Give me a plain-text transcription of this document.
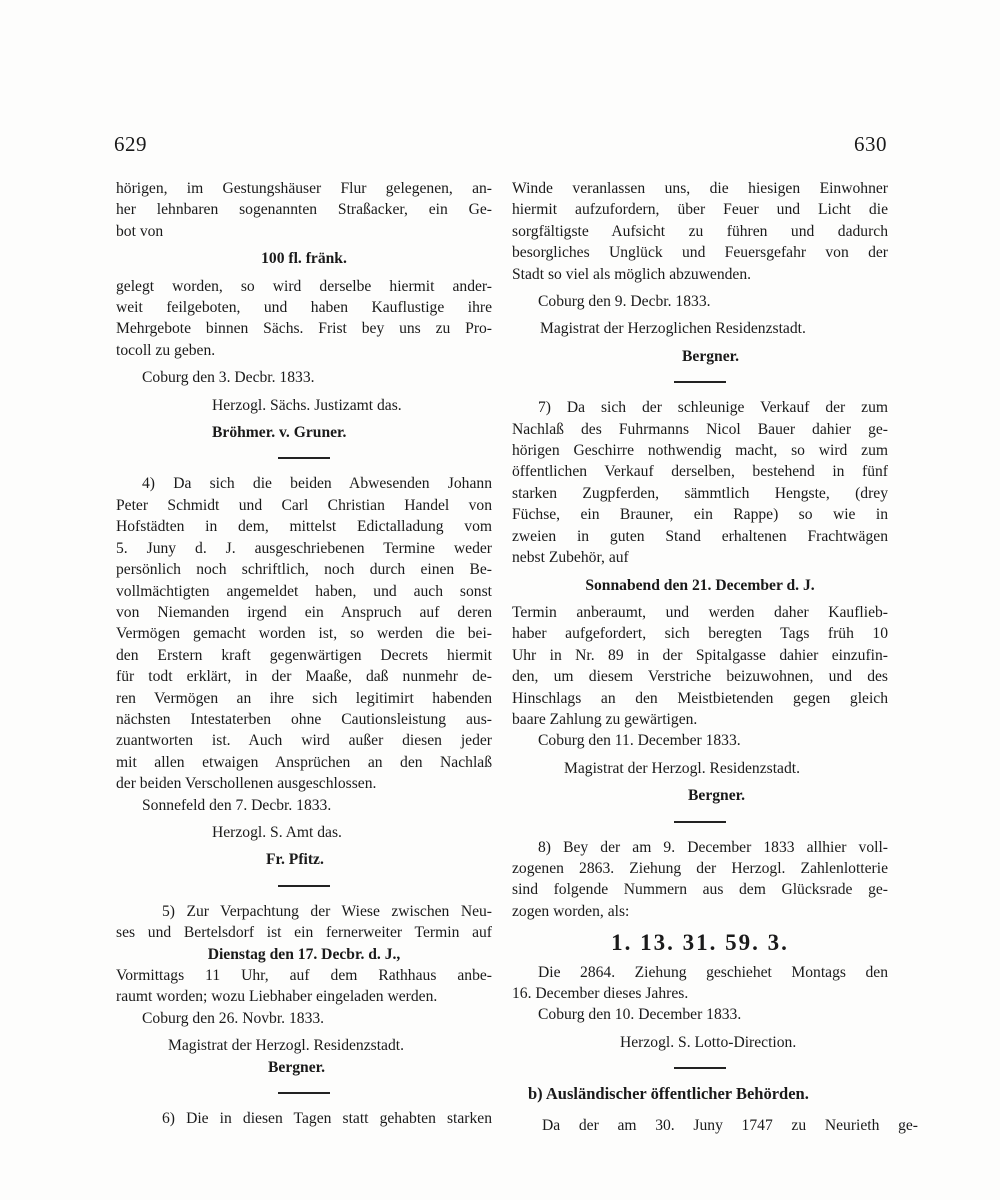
629	630
hörigen, im Gestungshäuser Flur gelegenen, an-
her lehnbaren sogenannten Straßacker, ein Ge-
bot von
100 fl. fränk.
gelegt worden, so wird derselbe hiermit ander-
weit feilgeboten, und haben Kauflustige ihre
Mehrgebote binnen Sächs. Frist bey uns zu Pro-
tocoll zu geben.
Coburg den 3. Decbr. 1833.
Herzogl. Sächs. Justizamt das.
Bröhmer. v. Gruner.
4) Da sich die beiden Abwesenden Johann
Peter Schmidt und Carl Christian Handel von
Hofstädten in dem, mittelst Edictalladung vom
5. Juny d. J. ausgeschriebenen Termine weder
persönlich noch schriftlich, noch durch einen Be-
vollmächtigten angemeldet haben, und auch sonst
von Niemanden irgend ein Anspruch auf deren
Vermögen gemacht worden ist, so werden die bei-
den Erstern kraft gegenwärtigen Decrets hiermit
für todt erklärt, in der Maaße, daß nunmehr de-
ren Vermögen an ihre sich legitimirt habenden
nächsten Intestaterben ohne Cautionsleistung aus-
zuantworten ist. Auch wird außer diesen jeder
mit allen etwaigen Ansprüchen an den Nachlaß
der beiden Verschollenen ausgeschlossen.
Sonnefeld den 7. Decbr. 1833.
Herzogl. S. Amt das.
Fr. Pfitz.
5) Zur Verpachtung der Wiese zwischen Neu-
ses und Bertelsdorf ist ein fernerweiter Termin auf
Dienstag den 17. Decbr. d. J.,
Vormittags 11 Uhr, auf dem Rathhaus anbe-
raumt worden; wozu Liebhaber eingeladen werden.
Coburg den 26. Novbr. 1833.
Magistrat der Herzogl. Residenzstadt.
Bergner.
6) Die in diesen Tagen statt gehabten starken
Winde veranlassen uns, die hiesigen Einwohner
hiermit aufzufordern, über Feuer und Licht die
sorgfältigste Aufsicht zu führen und dadurch
besorgliches Unglück und Feuersgefahr von der
Stadt so viel als möglich abzuwenden.
Coburg den 9. Decbr. 1833.
Magistrat der Herzoglichen Residenzstadt.
Bergner.
7) Da sich der schleunige Verkauf der zum
Nachlaß des Fuhrmanns Nicol Bauer dahier ge-
hörigen Geschirre nothwendig macht, so wird zum
öffentlichen Verkauf derselben, bestehend in fünf
starken Zugpferden, sämmtlich Hengste, (drey
Füchse, ein Brauner, ein Rappe) so wie in
zweien in guten Stand erhaltenen Frachtwägen
nebst Zubehör, auf
Sonnabend den 21. December d. J.
Termin anberaumt, und werden daher Kauflieb-
haber aufgefordert, sich beregten Tags früh 10
Uhr in Nr. 89 in der Spitalgasse dahier einzufin-
den, um diesem Verstriche beizuwohnen, und des
Hinschlags an den Meistbietenden gegen gleich
baare Zahlung zu gewärtigen.
Coburg den 11. December 1833.
Magistrat der Herzogl. Residenzstadt.
Bergner.
8) Bey der am 9. December 1833 allhier voll-
zogenen 2863. Ziehung der Herzogl. Zahlenlotterie
sind folgende Nummern aus dem Glücksrade ge-
zogen worden, als:
1. 13. 31. 59. 3.
Die 2864. Ziehung geschiehet Montags den
16. December dieses Jahres.
Coburg den 10. December 1833.
Herzogl. S. Lotto-Direction.
b) Ausländischer öffentlicher Behörden.
Da der am 30. Juny 1747 zu Neurieth ge-
